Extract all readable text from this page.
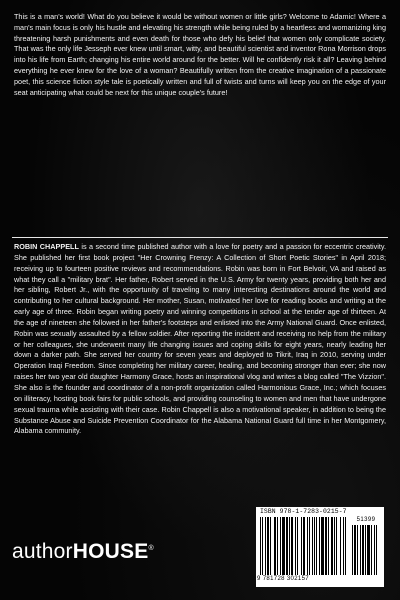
This is a man's world! What do you believe it would be without women or little girls? Welcome to Adamic! Where a man's main focus is only his hustle and elevating his strength while being ruled by a heartless and womanizing king threatening harsh punishments and even death for those who defy his belief that women only complicate society. That was the only life Jesseph ever knew until smart, witty, and beautiful scientist and inventor Rona Morrison drops into his life from Earth; changing his entire world around for the better. Will he confidently risk it all? Leaving behind everything he ever knew for the love of a woman? Beautifully written from the creative imagination of a passionate poet, this science fiction style tale is poetically written and full of twists and turns will keep you on the edge of your seat anticipating what could be next for this unique couple's future!

ROBIN CHAPPELL is a second time published author with a love for poetry and a passion for eccentric creativity. She published her first book project "Her Crowning Frenzy: A Collection of Short Poetic Stories" in April 2018; receiving up to fourteen positive reviews and recommendations. Robin was born in Fort Belvoir, VA and raised as what they call a "military brat". Her father, Robert served in the U.S. Army for twenty years, providing both her and her sibling, Robert Jr., with the opportunity of traveling to many interesting destinations around the world and contributing to her cultural background. Her mother, Susan, motivated her love for reading books and writing at the early age of three. Robin began writing poetry and winning competitions in school at the tender age of thirteen. At the age of nineteen she followed in her father's footsteps and enlisted into the Army National Guard. Once enlisted, Robin was sexually assaulted by a fellow soldier. After reporting the incident and receiving no help from the military or her colleagues, she underwent many life changing issues and coping skills for eight years, nearly leading her down a darker path. She served her country for seven years and deployed to Tikrit, Iraq in 2010, serving under Operation Iraqi Freedom. Since completing her military career, healing, and becoming stronger than ever; she now raises her two year old daughter Harmony Grace, hosts an inspirational vlog and writes a blog called "The Vizzion". She also is the founder and coordinator of a non-profit organization called Harmonious Grace, Inc.; which focuses on illiteracy, hosting book fairs for public schools, and providing counseling to women and men that have undergone sexual trauma while assisting with their case. Robin Chappell is also a motivational speaker, in addition to being the Substance Abuse and Suicide Prevention Coordinator for the Alabama National Guard full time in her Montgomery, Alabama community.

ISBN 978-1-7283-0215-7
51399
9 781728 302157
authorHOUSE®
